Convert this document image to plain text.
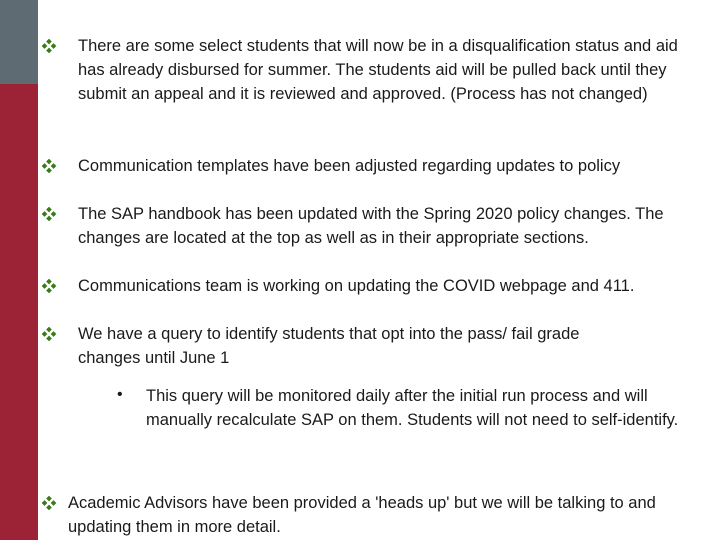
There are some select students that will now be in a disqualification status and aid has already disbursed for summer. The students aid will be pulled back until they submit an appeal and it is reviewed and approved. (Process has not changed)
Communication templates have been adjusted regarding updates to policy
The SAP handbook has been updated with the Spring 2020 policy changes. The changes are located at the top as well as in their appropriate sections.
Communications team is working on updating the COVID webpage and 411.
We have a query to identify students that opt into the pass/ fail grade changes until June 1
• This query will be monitored daily after the initial run process and will manually recalculate SAP on them. Students will not need to self-identify.
Academic Advisors have been provided a 'heads up' but we will be talking to and updating them in more detail.
